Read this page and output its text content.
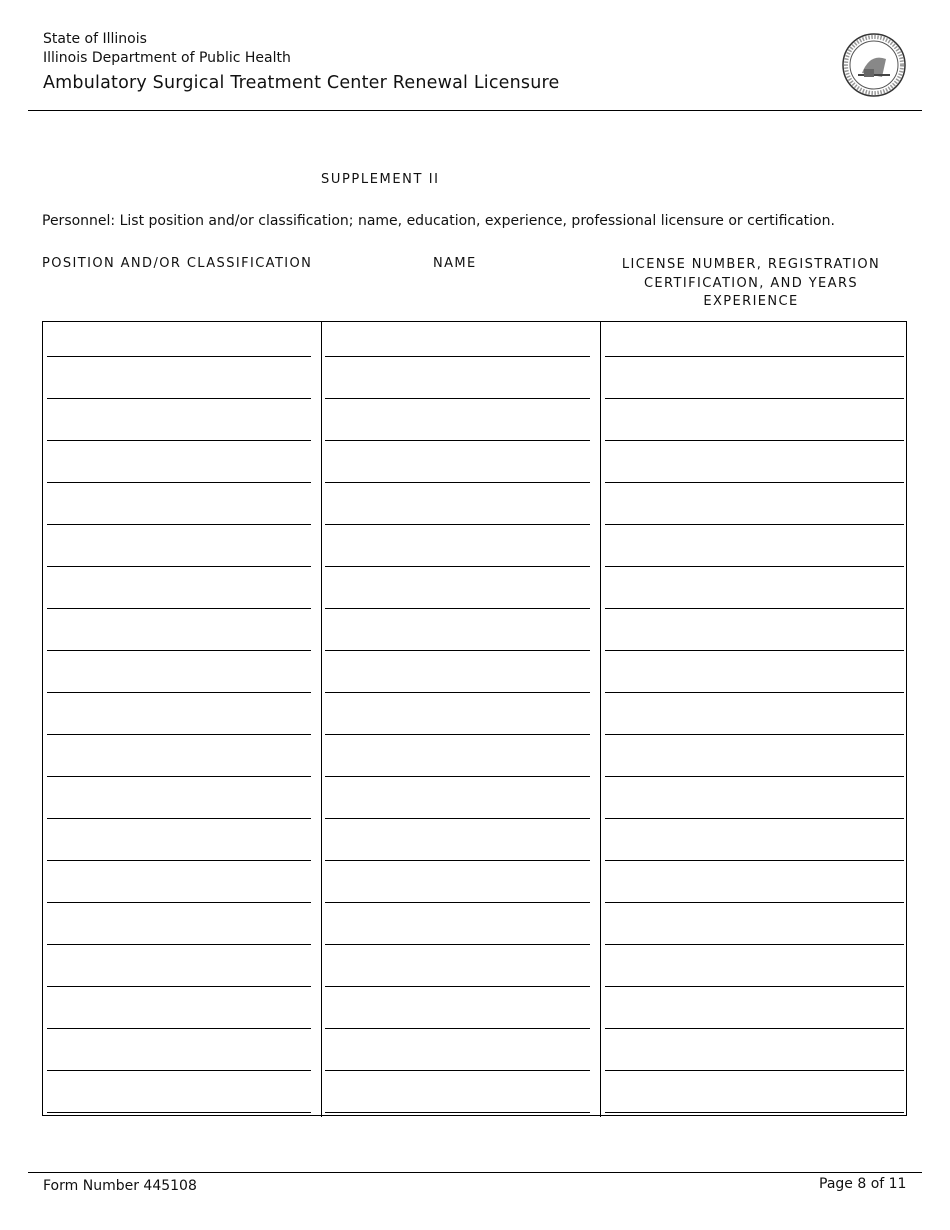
State of Illinois
Illinois Department of Public Health
Ambulatory Surgical Treatment Center Renewal Licensure
SUPPLEMENT II
Personnel: List position and/or classification; name, education, experience, professional licensure or certification.
POSITION AND/OR CLASSIFICATION	NAME	LICENSE NUMBER, REGISTRATION
CERTIFICATION, AND YEARS
EXPERIENCE
Form Number 445108	Page 8 of 11
